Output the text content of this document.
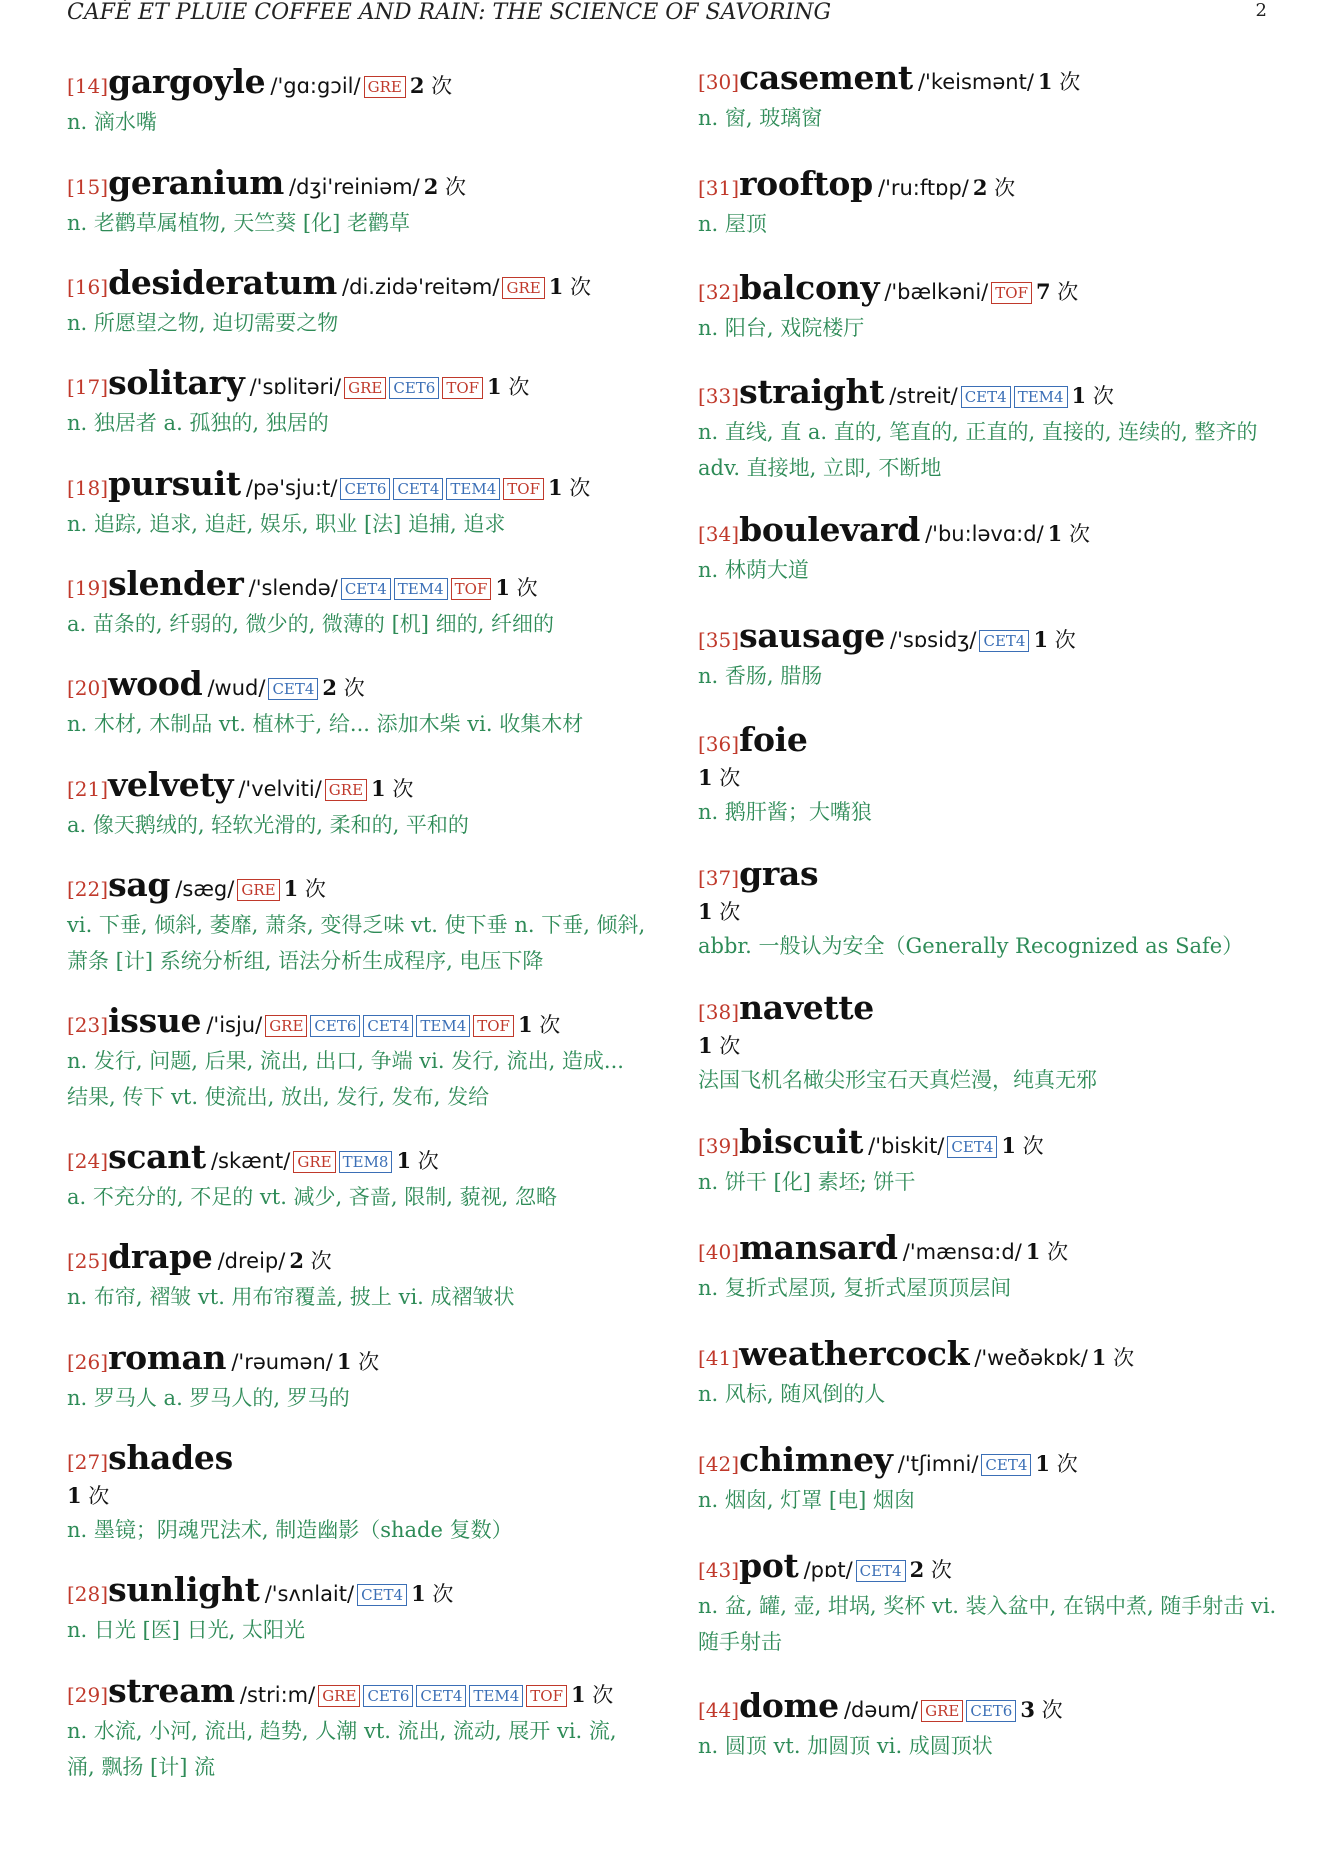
CAFÉ ET PLUIE COFFEE AND RAIN: THE SCIENCE OF SAVORING	2
[14]gargoyle /'gɑ:gɔil/ GRE 2 次
n. 滴水嘴
[15]geranium /dʒi'reiniəm/ 2 次
n. 老鹳草属植物, 天竺葵 [化] 老鹳草
[16]desideratum /di.zidə'reitəm/ GRE 1 次
n. 所愿望之物, 迫切需要之物
[17]solitary /'sɒlitəri/ GRE CET6 TOF 1 次
n. 独居者 a. 孤独的, 独居的
[18]pursuit /pə'sju:t/ CET6 CET4 TEM4 TOF 1 次
n. 追踪, 追求, 追赶, 娱乐, 职业 [法] 追捕, 追求
[19]slender /'slendə/ CET4 TEM4 TOF 1 次
a. 苗条的, 纤弱的, 微少的, 微薄的 [机] 细的, 纤细的
[20]wood /wud/ CET4 2 次
n. 木材, 木制品 vt. 植林于, 给... 添加木柴 vi. 收集木材
[21]velvety /'velviti/ GRE 1 次
a. 像天鹅绒的, 轻软光滑的, 柔和的, 平和的
[22]sag /sæg/ GRE 1 次
vi. 下垂, 倾斜, 萎靡, 萧条, 变得乏味 vt. 使下垂 n. 下垂, 倾斜, 萧条 [计] 系统分析组, 语法分析生成程序, 电压下降
[23]issue /'isju/ GRE CET6 CET4 TEM4 TOF 1 次
n. 发行, 问题, 后果, 流出, 出口, 争端 vi. 发行, 流出, 造成... 结果, 传下 vt. 使流出, 放出, 发行, 发布, 发给
[24]scant /skænt/ GRE TEM8 1 次
a. 不充分的, 不足的 vt. 减少, 吝啬, 限制, 藐视, 忽略
[25]drape /dreip/ 2 次
n. 布帘, 褶皱 vt. 用布帘覆盖, 披上 vi. 成褶皱状
[26]roman /'rəumən/ 1 次
n. 罗马人 a. 罗马人的, 罗马的
[27]shades
1 次
n. 墨镜；阴魂咒法术, 制造幽影（shade 复数）
[28]sunlight /'sʌnlait/ CET4 1 次
n. 日光 [医] 日光, 太阳光
[29]stream /stri:m/ GRE CET6 CET4 TEM4 TOF 1 次
n. 水流, 小河, 流出, 趋势, 人潮 vt. 流出, 流动, 展开 vi. 流, 涌, 飘扬 [计] 流
[30]casement /'keismənt/ 1 次
n. 窗, 玻璃窗
[31]rooftop /'ru:ftɒp/ 2 次
n. 屋顶
[32]balcony /'bælkəni/ TOF 7 次
n. 阳台, 戏院楼厅
[33]straight /streit/ CET4 TEM4 1 次
n. 直线, 直 a. 直的, 笔直的, 正直的, 直接的, 连续的, 整齐的 adv. 直接地, 立即, 不断地
[34]boulevard /'bu:ləvɑ:d/ 1 次
n. 林荫大道
[35]sausage /'sɒsidʒ/ CET4 1 次
n. 香肠, 腊肠
[36]foie
1 次
n. 鹅肝酱；大嘴狼
[37]gras
1 次
abbr. 一般认为安全（Generally Recognized as Safe）
[38]navette
1 次
法国飞机名橄尖形宝石天真烂漫，纯真无邪
[39]biscuit /'biskit/ CET4 1 次
n. 饼干 [化] 素坯; 饼干
[40]mansard /'mænsɑ:d/ 1 次
n. 复折式屋顶, 复折式屋顶顶层间
[41]weathercock /'weðəkɒk/ 1 次
n. 风标, 随风倒的人
[42]chimney /'tʃimni/ CET4 1 次
n. 烟囱, 灯罩 [电] 烟囱
[43]pot /pɒt/ CET4 2 次
n. 盆, 罐, 壶, 坩埚, 奖杯 vt. 装入盆中, 在锅中煮, 随手射击 vi. 随手射击
[44]dome /dəum/ GRE CET6 3 次
n. 圆顶 vt. 加圆顶 vi. 成圆顶状
